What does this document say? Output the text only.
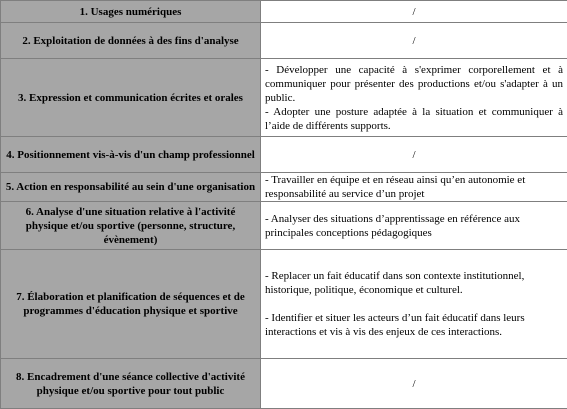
1. Usages numériques	/
2. Exploitation de données à des fins d'analyse	/
3. Expression et communication écrites et orales	- Développer une capacité à s'exprimer corporellement et à communiquer pour présenter des productions et/ou s'adapter à un public.
- Adopter une posture adaptée à la situation et communiquer à l’aide de différents supports.

4. Positionnement vis-à-vis d'un champ professionnel	/
5. Action en responsabilité au sein d'une organisation	- Travailler en équipe et en réseau ainsi qu’en autonomie et responsabilité au service d’un projet

6. Analyse d'une situation relative à l'activité physique et/ou sportive (personne, structure, évènement)	- Analyser des situations d’apprentissage en référence aux principales conceptions pédagogiques

7. Élaboration et planification de séquences et de programmes d'éducation physique et sportive	- Replacer un fait éducatif dans son contexte institutionnel, historique, politique, économique et culturel.
- Identifier et situer les acteurs d’un fait éducatif dans leurs interactions et vis à vis des enjeux de ces interactions.

8. Encadrement d'une séance collective d'activité physique et/ou sportive pour tout public	/
